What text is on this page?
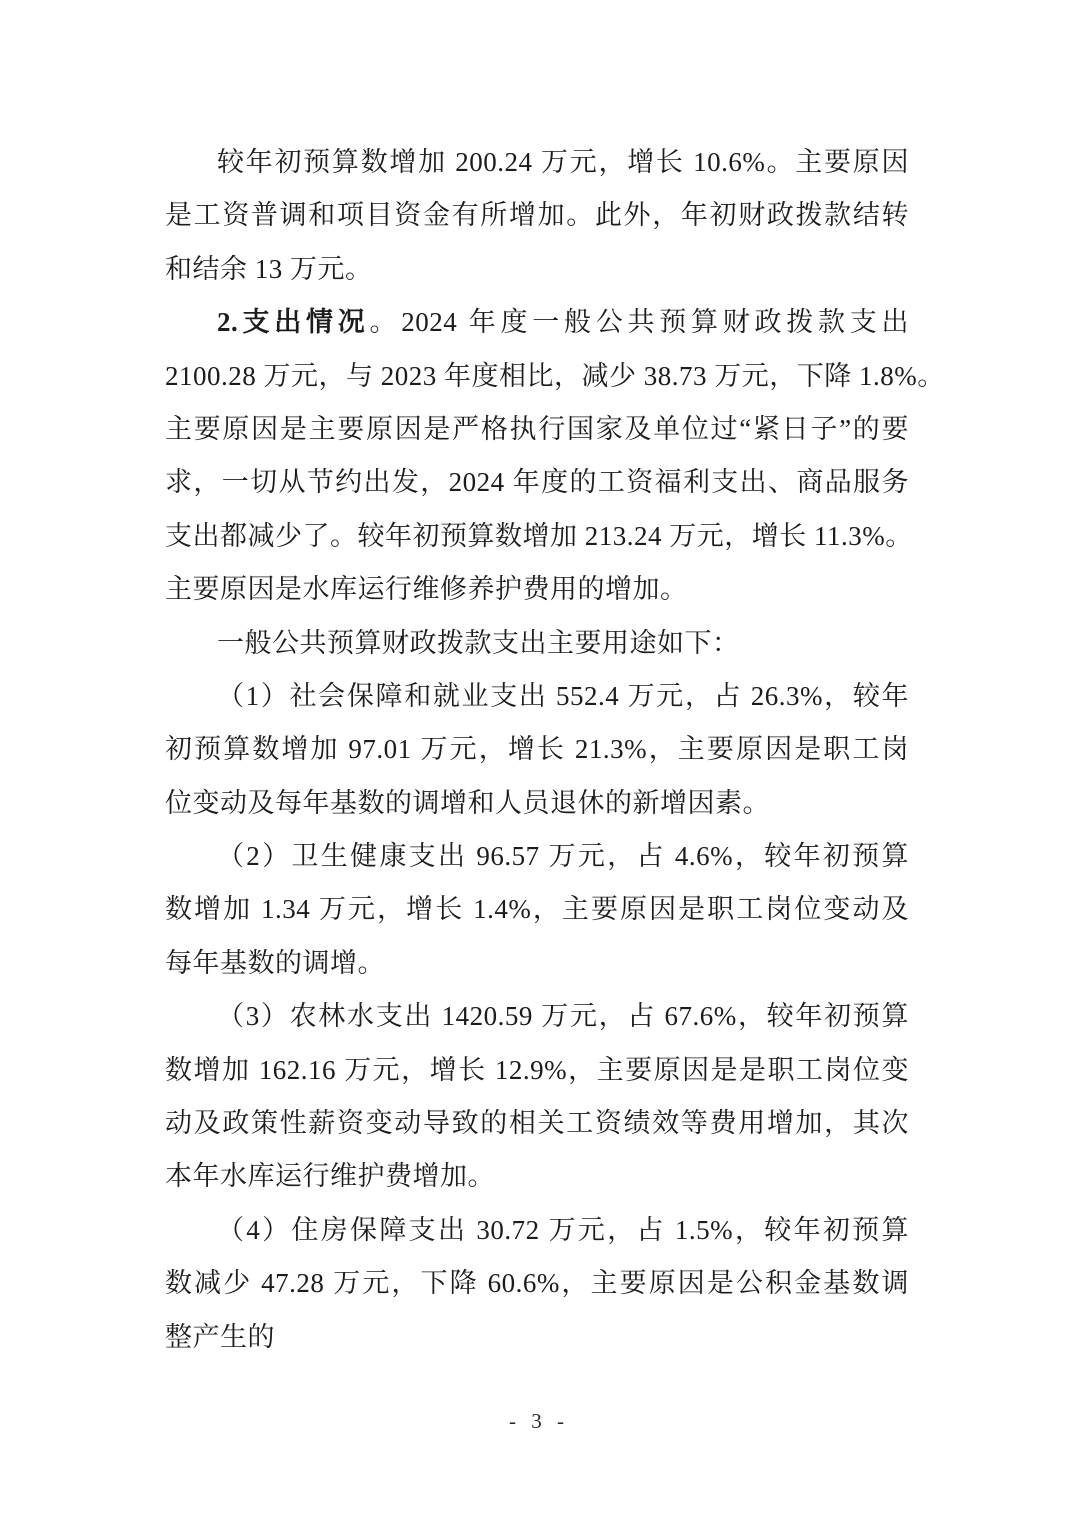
较年初预算数增加 200.24 万元，增长 10.6%。主要原因
是工资普调和项目资金有所增加。此外，年初财政拨款结转
和结余 13 万元。
2.支出情况。2024 年度一般公共预算财政拨款支出
2100.28 万元，与 2023 年度相比，减少 38.73 万元，下降 1.8%。
主要原因是主要原因是严格执行国家及单位过“紧日子”的要
求，一切从节约出发，2024 年度的工资福利支出、商品服务
支出都减少了。较年初预算数增加 213.24 万元，增长 11.3%。
主要原因是水库运行维修养护费用的增加。
一般公共预算财政拨款支出主要用途如下：
（1）社会保障和就业支出 552.4 万元，占 26.3%，较年
初预算数增加 97.01 万元，增长 21.3%，主要原因是职工岗
位变动及每年基数的调增和人员退休的新增因素。
（2）卫生健康支出 96.57 万元，占 4.6%，较年初预算
数增加 1.34 万元，增长 1.4%，主要原因是职工岗位变动及
每年基数的调增。
（3）农林水支出 1420.59 万元，占 67.6%，较年初预算
数增加 162.16 万元，增长 12.9%，主要原因是是职工岗位变
动及政策性薪资变动导致的相关工资绩效等费用增加，其次
本年水库运行维护费增加。
（4）住房保障支出 30.72 万元，占 1.5%，较年初预算
数减少 47.28 万元，下降 60.6%，主要原因是公积金基数调
整产生的
- 3 -
